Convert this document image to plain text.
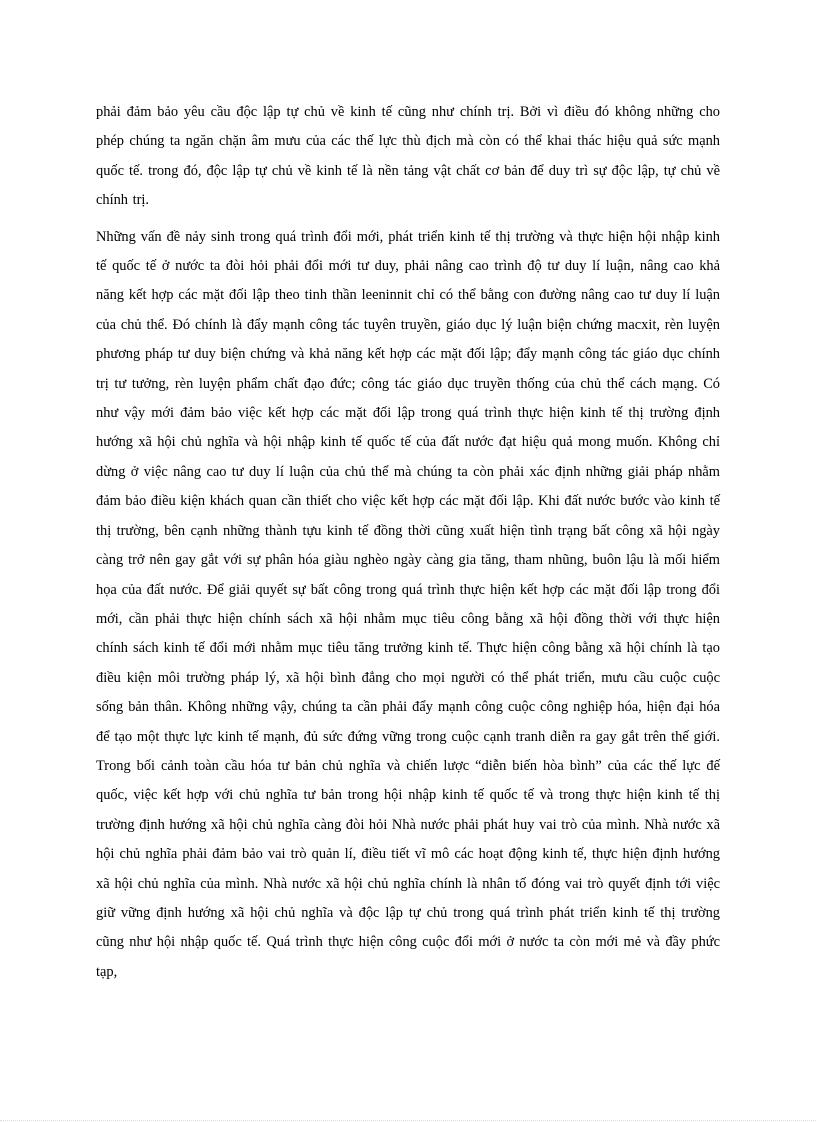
phải đảm bảo yêu cầu độc lập tự chủ về kinh tế cũng như chính trị. Bởi vì điều đó không những cho phép chúng ta ngăn chặn âm mưu của các thế lực thù địch mà còn có thể khai thác hiệu quả sức mạnh quốc tế. trong đó, độc lập tự chủ về kinh tế là nền tảng vật chất cơ bản để duy trì sự độc lập, tự chủ về chính trị.

Những vấn đề nảy sinh trong quá trình đổi mới, phát triển kinh tế thị trường và thực hiện hội nhập kinh tế quốc tế ở nước ta đòi hỏi phải đổi mới tư duy, phải nâng cao trình độ tư duy lí luận, nâng cao khả năng kết hợp các mặt đối lập theo tinh thần leeninnit chỉ có thể bằng con đường nâng cao tư duy lí luận của chủ thể. Đó chính là đẩy mạnh công tác tuyên truyền, giáo dục lý luận biện chứng macxit, rèn luyện phương pháp tư duy biện chứng và khả năng kết hợp các mặt đối lập; đẩy mạnh công tác giáo dục chính trị tư tưởng, rèn luyện phẩm chất đạo đức; công tác giáo dục truyền thống của chủ thể cách mạng. Có như vậy mới đảm bảo việc kết hợp các mặt đối lập trong quá trình thực hiện kinh tế thị trường định hướng xã hội chủ nghĩa và hội nhập kinh tế quốc tế của đất nước đạt hiệu quả mong muốn. Không chỉ dừng ở việc nâng cao tư duy lí luận của chủ thể mà chúng ta còn phải xác định những giải pháp nhằm đảm bảo điều kiện khách quan cần thiết cho việc kết hợp các mặt đối lập. Khi đất nước bước vào kinh tế thị trường, bên cạnh những thành tựu kinh tế đồng thời cũng xuất hiện tình trạng bất công xã hội ngày càng trở nên gay gắt với sự phân hóa giàu nghèo ngày càng gia tăng, tham nhũng, buôn lậu là mối hiểm họa của đất nước. Để giải quyết sự bất công trong quá trình thực hiện kết hợp các mặt đối lập trong đổi mới, cần phải thực hiện chính sách xã hội nhằm mục tiêu công bằng xã hội đồng thời với thực hiện chính sách kinh tế đổi mới nhằm mục tiêu tăng trưởng kinh tế. Thực hiện công bằng xã hội chính là tạo điều kiện môi trường pháp lý, xã hội bình đẳng cho mọi người có thể phát triển, mưu cầu cuộc cuộc sống bản thân. Không những vậy, chúng ta cần phải đẩy mạnh công cuộc công nghiệp hóa, hiện đại hóa để tạo một thực lực kinh tế mạnh, đủ sức đứng vững trong cuộc cạnh tranh diễn ra gay gắt trên thế giới. Trong bối cảnh toàn cầu hóa tư bản chủ nghĩa và chiến lược “diễn biến hòa bình” của các thế lực đế quốc, việc kết hợp với chủ nghĩa tư bản trong hội nhập kinh tế quốc tế và trong thực hiện kinh tế thị trường định hướng xã hội chủ nghĩa càng đòi hỏi Nhà nước phải phát huy vai trò của mình. Nhà nước xã hội chủ nghĩa phải đảm bảo vai trò quản lí, điều tiết vĩ mô các hoạt động kinh tế, thực hiện định hướng xã hội chủ nghĩa của mình. Nhà nước xã hội chủ nghĩa chính là nhân tố đóng vai trò quyết định tới việc giữ vững định hướng xã hội chủ nghĩa và độc lập tự chủ trong quá trình phát triển kinh tế thị trường cũng như hội nhập quốc tế. Quá trình thực hiện công cuộc đổi mới ở nước ta còn mới mẻ và đầy phức tạp,
